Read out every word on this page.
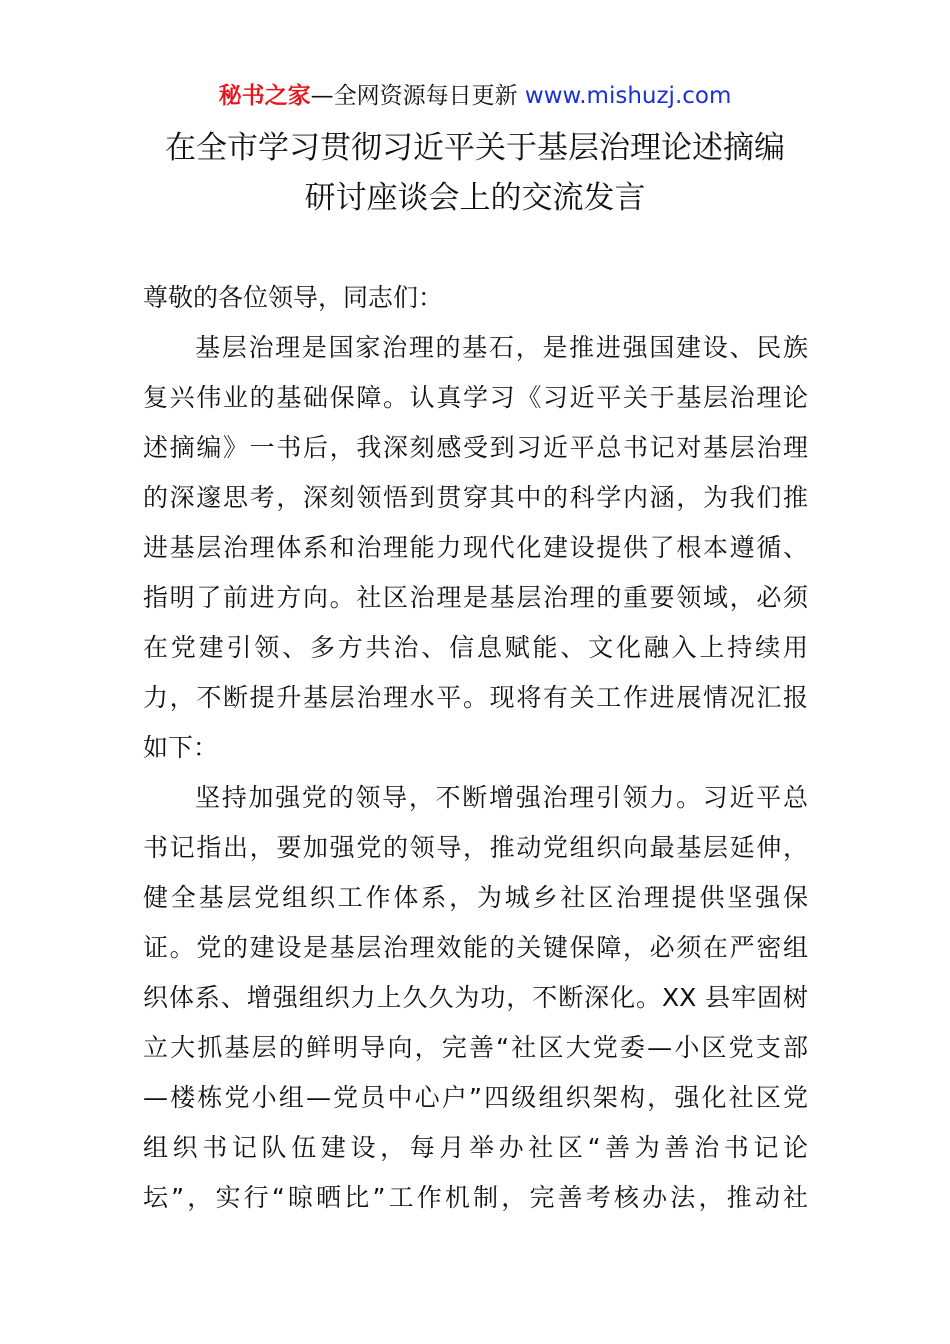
秘书之家—全网资源每日更新 www.mishuzj.com
在全市学习贯彻习近平关于基层治理论述摘编
研讨座谈会上的交流发言
尊敬的各位领导，同志们：
基层治理是国家治理的基石，是推进强国建设、民族
复兴伟业的基础保障。认真学习《习近平关于基层治理论
述摘编》一书后，我深刻感受到习近平总书记对基层治理
的深邃思考，深刻领悟到贯穿其中的科学内涵，为我们推
进基层治理体系和治理能力现代化建设提供了根本遵循、
指明了前进方向。社区治理是基层治理的重要领域，必须
在党建引领、多方共治、信息赋能、文化融入上持续用
力，不断提升基层治理水平。现将有关工作进展情况汇报
如下：
坚持加强党的领导，不断增强治理引领力。习近平总
书记指出，要加强党的领导，推动党组织向最基层延伸，
健全基层党组织工作体系，为城乡社区治理提供坚强保
证。党的建设是基层治理效能的关键保障，必须在严密组
织体系、增强组织力上久久为功，不断深化。XX 县牢固树
立大抓基层的鲜明导向，完善“社区大党委—小区党支部
—楼栋党小组—党员中心户”四级组织架构，强化社区党
组织书记队伍建设，每月举办社区“善为善治书记论
坛”，实行“晾晒比”工作机制，完善考核办法，推动社
